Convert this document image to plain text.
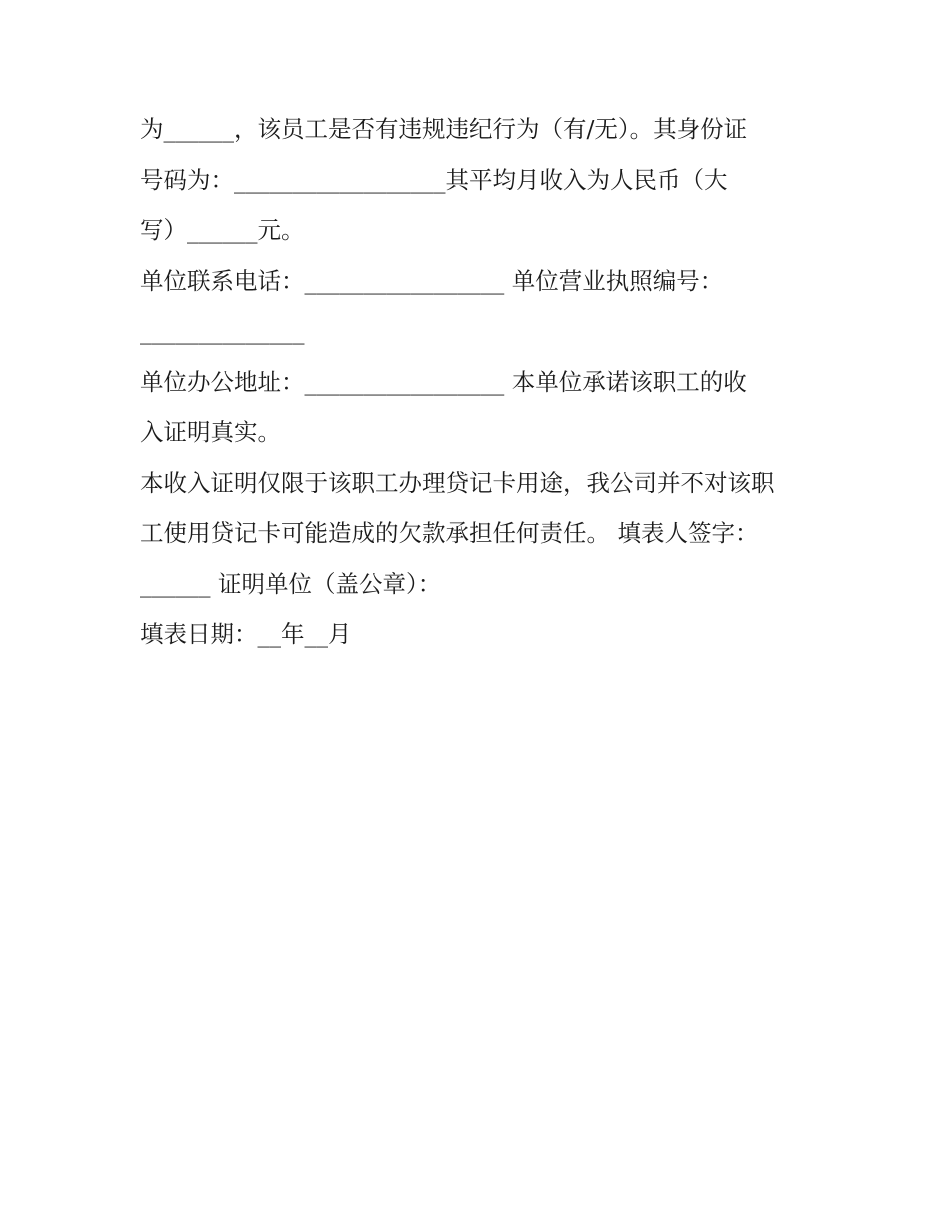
为______，该员工是否有违规违纪行为（有/无）。其身份证
号码为：__________________其平均月收入为人民币（大
写）______元。
单位联系电话：_________________ 单位营业执照编号：
______________
单位办公地址：_________________ 本单位承诺该职工的收
入证明真实。
本收入证明仅限于该职工办理贷记卡用途，我公司并不对该职
工使用贷记卡可能造成的欠款承担任何责任。 填表人签字：
______ 证明单位（盖公章）：
填表日期：__年__月
